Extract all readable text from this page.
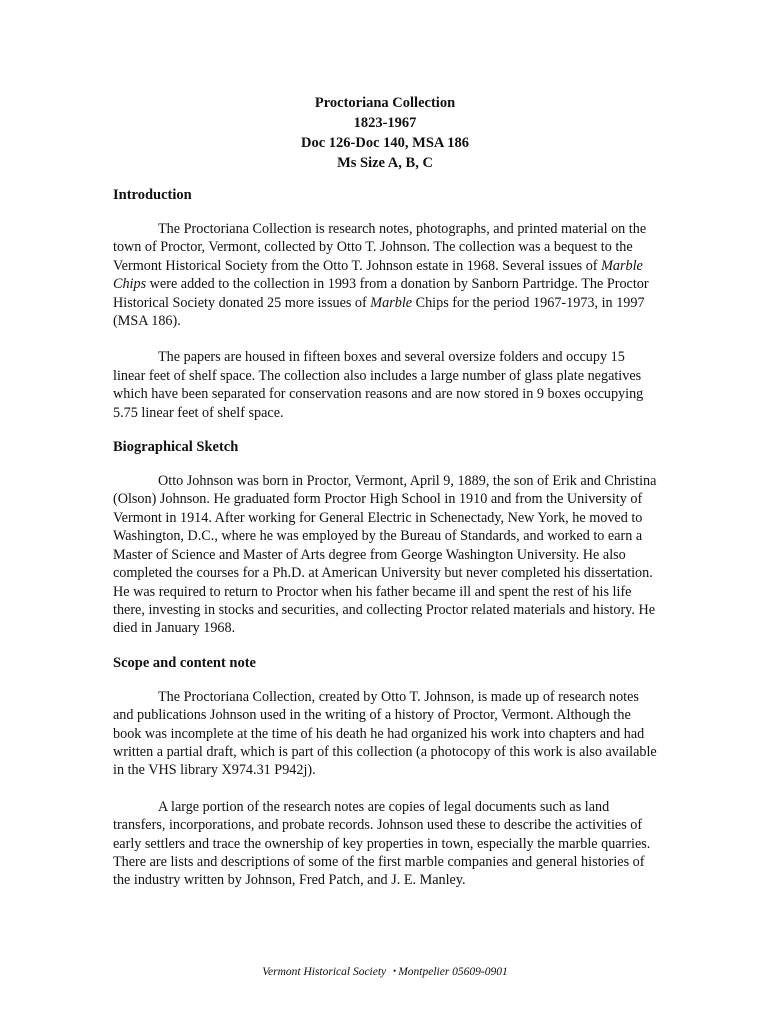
Proctoriana Collection
1823-1967
Doc 126-Doc 140, MSA 186
Ms Size A, B, C
Introduction

The Proctoriana Collection is research notes, photographs, and printed material on the town of Proctor, Vermont, collected by Otto T. Johnson. The collection was a bequest to the Vermont Historical Society from the Otto T. Johnson estate in 1968. Several issues of Marble Chips were added to the collection in 1993 from a donation by Sanborn Partridge. The Proctor Historical Society donated 25 more issues of Marble Chips for the period 1967-1973, in 1997 (MSA 186).

The papers are housed in fifteen boxes and several oversize folders and occupy 15 linear feet of shelf space. The collection also includes a large number of glass plate negatives which have been separated for conservation reasons and are now stored in 9 boxes occupying 5.75 linear feet of shelf space.

Biographical Sketch

Otto Johnson was born in Proctor, Vermont, April 9, 1889, the son of Erik and Christina (Olson) Johnson. He graduated form Proctor High School in 1910 and from the University of Vermont in 1914. After working for General Electric in Schenectady, New York, he moved to Washington, D.C., where he was employed by the Bureau of Standards, and worked to earn a Master of Science and Master of Arts degree from George Washington University. He also completed the courses for a Ph.D. at American University but never completed his dissertation. He was required to return to Proctor when his father became ill and spent the rest of his life there, investing in stocks and securities, and collecting Proctor related materials and history. He died in January 1968.

Scope and content note

The Proctoriana Collection, created by Otto T. Johnson, is made up of research notes and publications Johnson used in the writing of a history of Proctor, Vermont. Although the book was incomplete at the time of his death he had organized his work into chapters and had written a partial draft, which is part of this collection (a photocopy of this work is also available in the VHS library X974.31 P942j).

A large portion of the research notes are copies of legal documents such as land transfers, incorporations, and probate records. Johnson used these to describe the activities of early settlers and trace the ownership of key properties in town, especially the marble quarries. There are lists and descriptions of some of the first marble companies and general histories of the industry written by Johnson, Fred Patch, and J. E. Manley.

Vermont Historical Society • Montpelier 05609-0901
